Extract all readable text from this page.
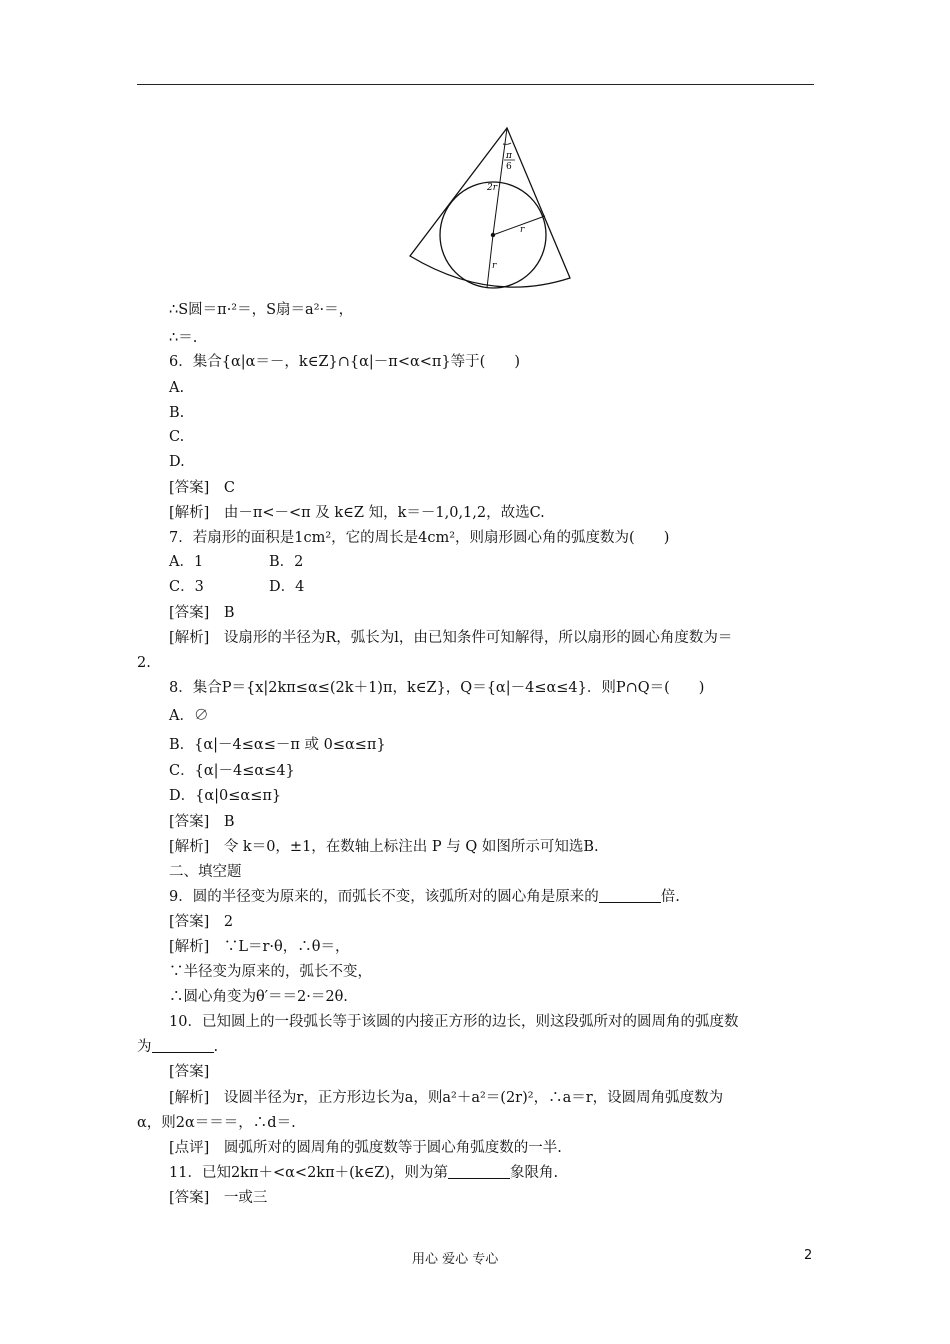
π
6
2r
r
r
∴S圆＝π·²＝，S扇＝a²·＝，
∴＝.
6．集合{α|α＝－，k∈Z}∩{α|－π<α<π}等于(　　)
A.
B.
C.
D.
[答案]　C
[解析]　由－π<－<π 及 k∈Z 知，k＝－1,0,1,2，故选C.
7．若扇形的面积是1cm²，它的周长是4cm²，则扇形圆心角的弧度数为(　　)
A．1	B．2
C．3	D．4
[答案]　B
[解析]　设扇形的半径为R，弧长为l，由已知条件可知解得，所以扇形的圆心角度数为＝
2.
8．集合P＝{x|2kπ≤α≤(2k＋1)π，k∈Z}，Q＝{α|－4≤α≤4}．则P∩Q＝(　　)
A．∅
B．{α|－4≤α≤－π 或 0≤α≤π}
C．{α|－4≤α≤4}
D．{α|0≤α≤π}
[答案]　B
[解析]　令 k＝0，±1，在数轴上标注出 P 与 Q 如图所示可知选B.
二、填空题
9．圆的半径变为原来的，而弧长不变，该弧所对的圆心角是原来的	倍.
[答案]　2
[解析]　∵L＝r·θ，∴θ＝，
∵半径变为原来的，弧长不变，
∴圆心角变为θ′＝＝2·＝2θ.
10．已知圆上的一段弧长等于该圆的内接正方形的边长，则这段弧所对的圆周角的弧度数
为	.
[答案]
[解析]　设圆半径为r，正方形边长为a，则a²＋a²＝(2r)²，∴a＝r，设圆周角弧度数为
α，则2α＝＝＝，∴d＝.
[点评]　圆弧所对的圆周角的弧度数等于圆心角弧度数的一半.
11．已知2kπ＋<α<2kπ＋(k∈Z)，则为第	象限角.
[答案]　一或三
用心 爱心 专心	2
